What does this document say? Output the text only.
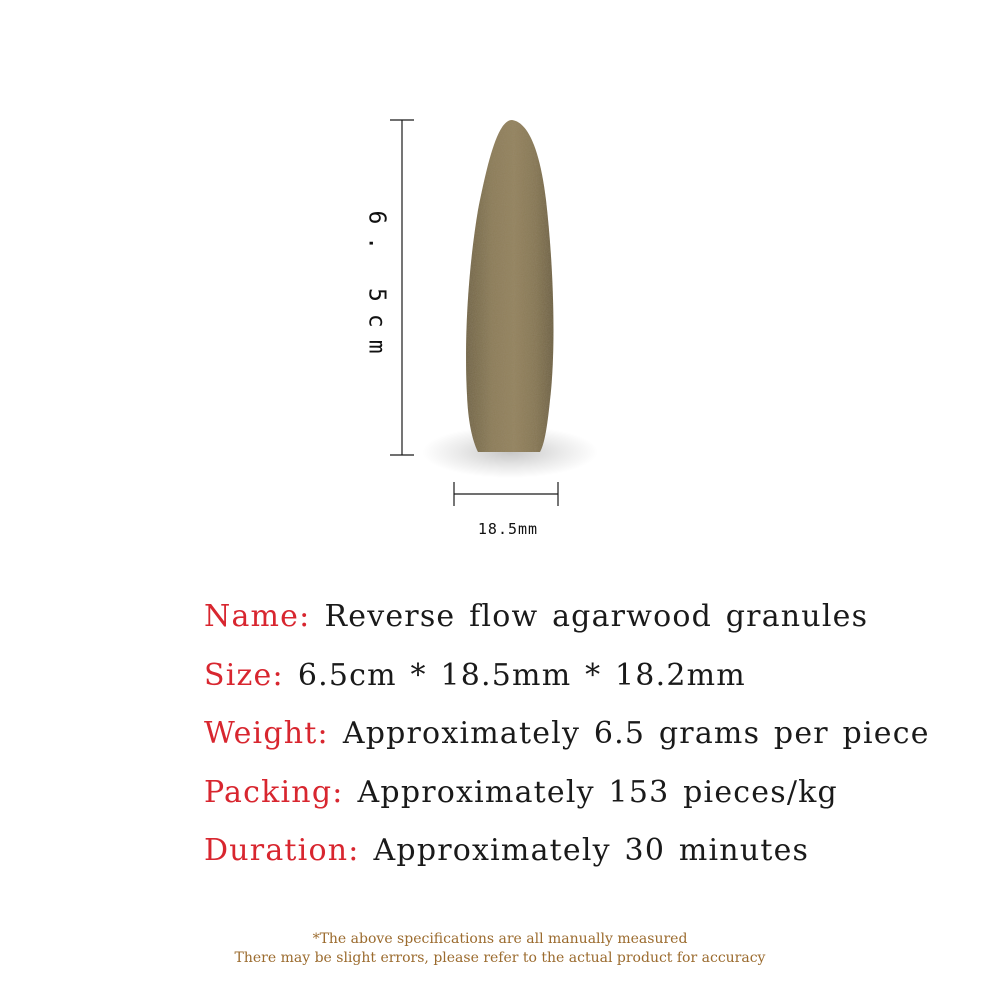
6. 5cm
18.5mm
Name: Reverse flow agarwood granules
Size: 6.5cm * 18.5mm * 18.2mm
Weight: Approximately 6.5 grams per piece
Packing: Approximately 153 pieces/kg
Duration: Approximately 30 minutes
*The above specifications are all manually measured
There may be slight errors, please refer to the actual product for accuracy
